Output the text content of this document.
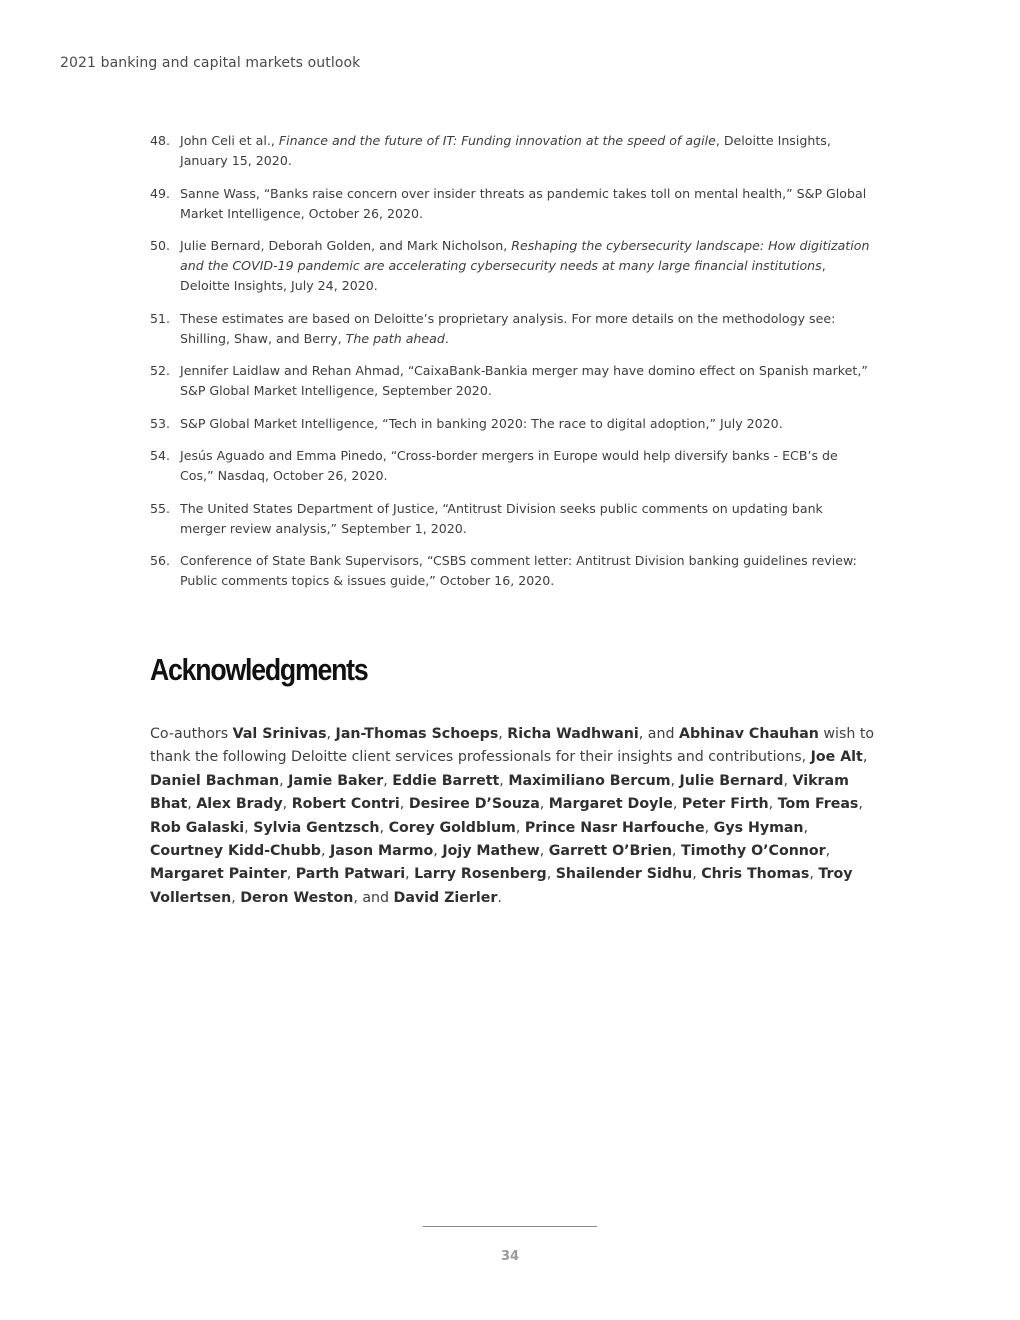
2021 banking and capital markets outlook
48. John Celi et al., Finance and the future of IT: Funding innovation at the speed of agile, Deloitte Insights, January 15, 2020.
49. Sanne Wass, “Banks raise concern over insider threats as pandemic takes toll on mental health,” S&P Global Market Intelligence, October 26, 2020.
50. Julie Bernard, Deborah Golden, and Mark Nicholson, Reshaping the cybersecurity landscape: How digitization and the COVID-19 pandemic are accelerating cybersecurity needs at many large financial institutions, Deloitte Insights, July 24, 2020.
51. These estimates are based on Deloitte’s proprietary analysis. For more details on the methodology see: Shilling, Shaw, and Berry, The path ahead.
52. Jennifer Laidlaw and Rehan Ahmad, “CaixaBank-Bankia merger may have domino effect on Spanish market,” S&P Global Market Intelligence, September 2020.
53. S&P Global Market Intelligence, “Tech in banking 2020: The race to digital adoption,” July 2020.
54. Jesús Aguado and Emma Pinedo, “Cross-border mergers in Europe would help diversify banks - ECB’s de Cos,” Nasdaq, October 26, 2020.
55. The United States Department of Justice, “Antitrust Division seeks public comments on updating bank merger review analysis,” September 1, 2020.
56. Conference of State Bank Supervisors, “CSBS comment letter: Antitrust Division banking guidelines review: Public comments topics & issues guide,” October 16, 2020.
Acknowledgments

Co-authors Val Srinivas, Jan-Thomas Schoeps, Richa Wadhwani, and Abhinav Chauhan wish to thank the following Deloitte client services professionals for their insights and contributions, Joe Alt, Daniel Bachman, Jamie Baker, Eddie Barrett, Maximiliano Bercum, Julie Bernard, Vikram Bhat, Alex Brady, Robert Contri, Desiree D’Souza, Margaret Doyle, Peter Firth, Tom Freas, Rob Galaski, Sylvia Gentzsch, Corey Goldblum, Prince Nasr Harfouche, Gys Hyman, Courtney Kidd-Chubb, Jason Marmo, Jojy Mathew, Garrett O’Brien, Timothy O’Connor, Margaret Painter, Parth Patwari, Larry Rosenberg, Shailender Sidhu, Chris Thomas, Troy Vollertsen, Deron Weston, and David Zierler.

34
